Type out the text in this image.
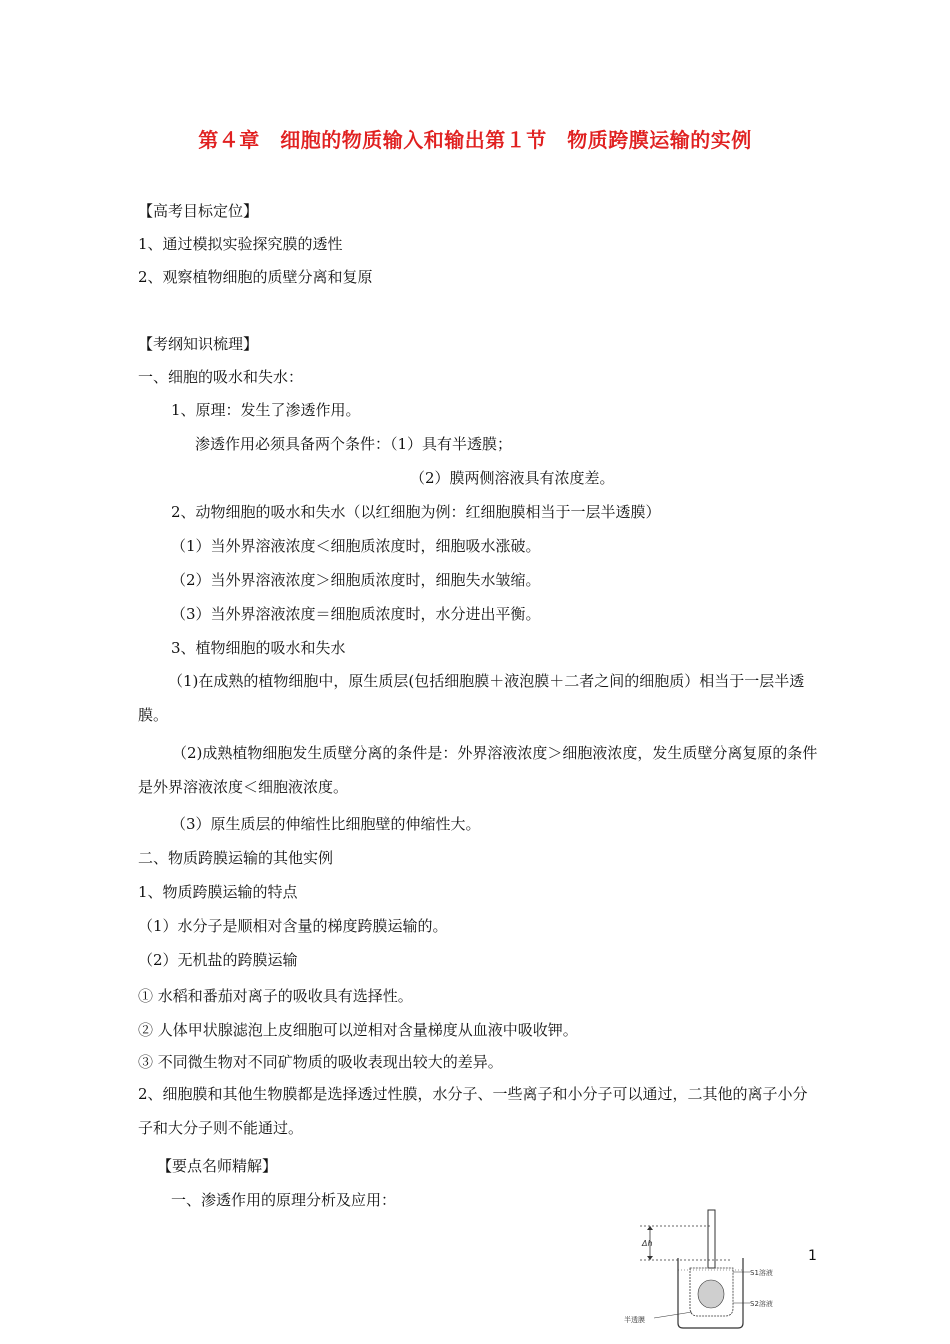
第４章　细胞的物质输入和输出第１节　物质跨膜运输的实例
【高考目标定位】
1、通过模拟实验探究膜的透性
2、观察植物细胞的质壁分离和复原
【考纲知识梳理】
一、细胞的吸水和失水：
1、原理：发生了渗透作用。
渗透作用必须具备两个条件：（1）具有半透膜；
（2）膜两侧溶液具有浓度差。
2、动物细胞的吸水和失水（以红细胞为例：红细胞膜相当于一层半透膜）
（1）当外界溶液浓度＜细胞质浓度时，细胞吸水涨破。
（2）当外界溶液浓度＞细胞质浓度时，细胞失水皱缩。
（3）当外界溶液浓度＝细胞质浓度时，水分进出平衡。
3、植物细胞的吸水和失水
（1)在成熟的植物细胞中，原生质层(包括细胞膜＋液泡膜＋二者之间的细胞质）相当于一层半透膜。
（2)成熟植物细胞发生质壁分离的条件是：外界溶液浓度＞细胞液浓度，发生质壁分离复原的条件是外界溶液浓度＜细胞液浓度。
（3）原生质层的伸缩性比细胞壁的伸缩性大。
二、物质跨膜运输的其他实例
1、物质跨膜运输的特点
（1）水分子是顺相对含量的梯度跨膜运输的。
（2）无机盐的跨膜运输
① 水稻和番茄对离子的吸收具有选择性。
② 人体甲状腺滤泡上皮细胞可以逆相对含量梯度从血液中吸收钾。
③ 不同微生物对不同矿物质的吸收表现出较大的差异。
2、细胞膜和其他生物膜都是选择透过性膜，水分子、一些离子和小分子可以通过，二其他的离子小分子和大分子则不能通过。
【要点名师精解】
一、渗透作用的原理分析及应用：
1
Δh
S1溶液
S2溶液
半透膜
